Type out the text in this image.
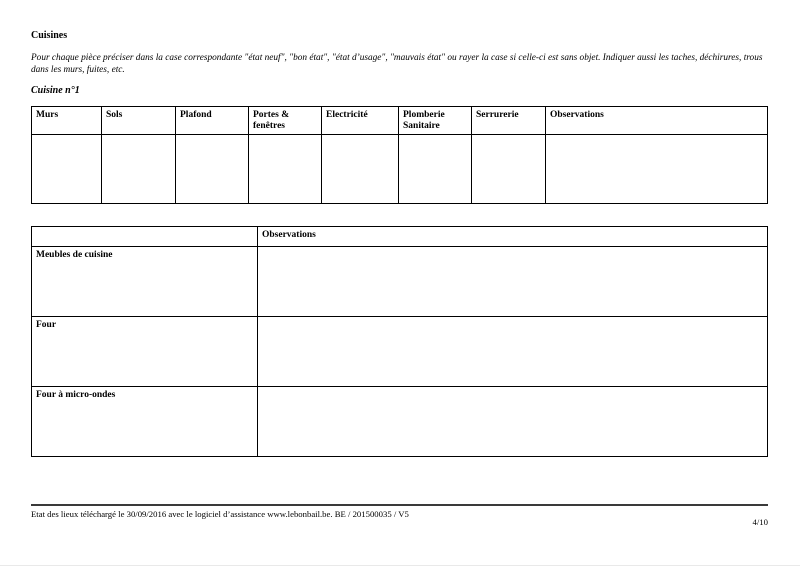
Cuisines

Pour chaque pièce préciser dans la case correspondante "état neuf", "bon état", "état d’usage", "mauvais état" ou rayer la case si celle-ci est sans objet. Indiquer aussi les taches, déchirures, trous dans les murs, fuites, etc.

Cuisine n°1
Murs	Sols	Plafond	Portes & fenêtres	Electricité	Plomberie Sanitaire	Serrurerie	Observations

	Observations
Meubles de cuisine	
Four	
Four à micro-ondes	
Etat des lieux téléchargé le 30/09/2016 avec le logiciel d’assistance www.lebonbail.be. BE / 201500035 / V5
4/10
